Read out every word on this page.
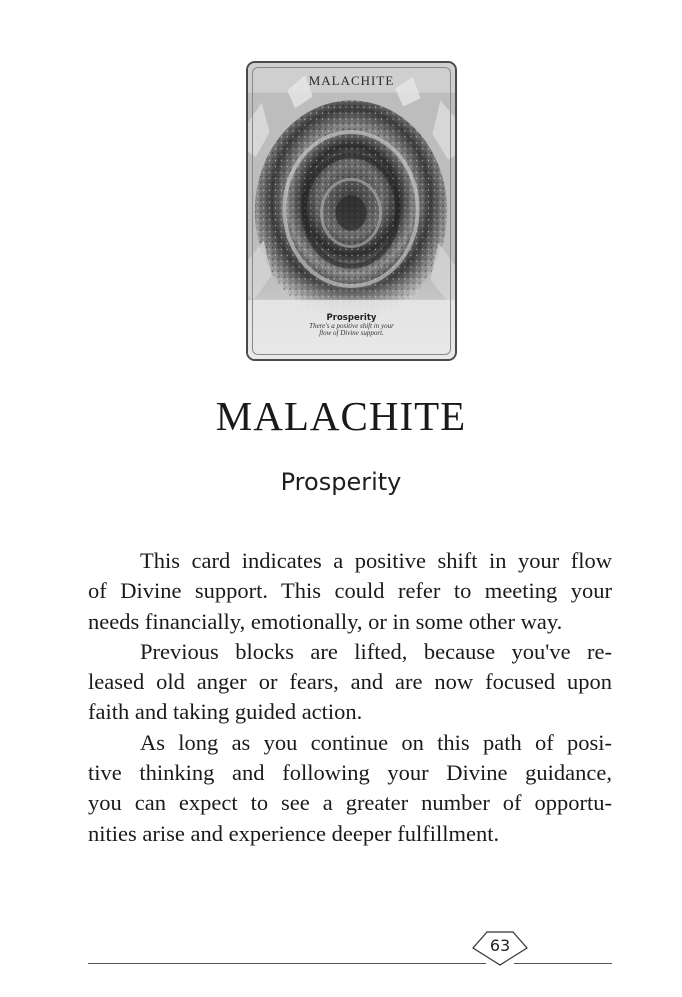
MALACHITE
Prosperity
There's a positive shift in your
flow of Divine support.
MALACHITE
Prosperity
This card indicates a positive shift in your flow
of Divine support. This could refer to meeting your
needs financially, emotionally, or in some other way.
Previous blocks are lifted, because you've re-
leased old anger or fears, and are now focused upon
faith and taking guided action.
As long as you continue on this path of posi-
tive thinking and following your Divine guidance,
you can expect to see a greater number of opportu-
nities arise and experience deeper fulfillment.
63
